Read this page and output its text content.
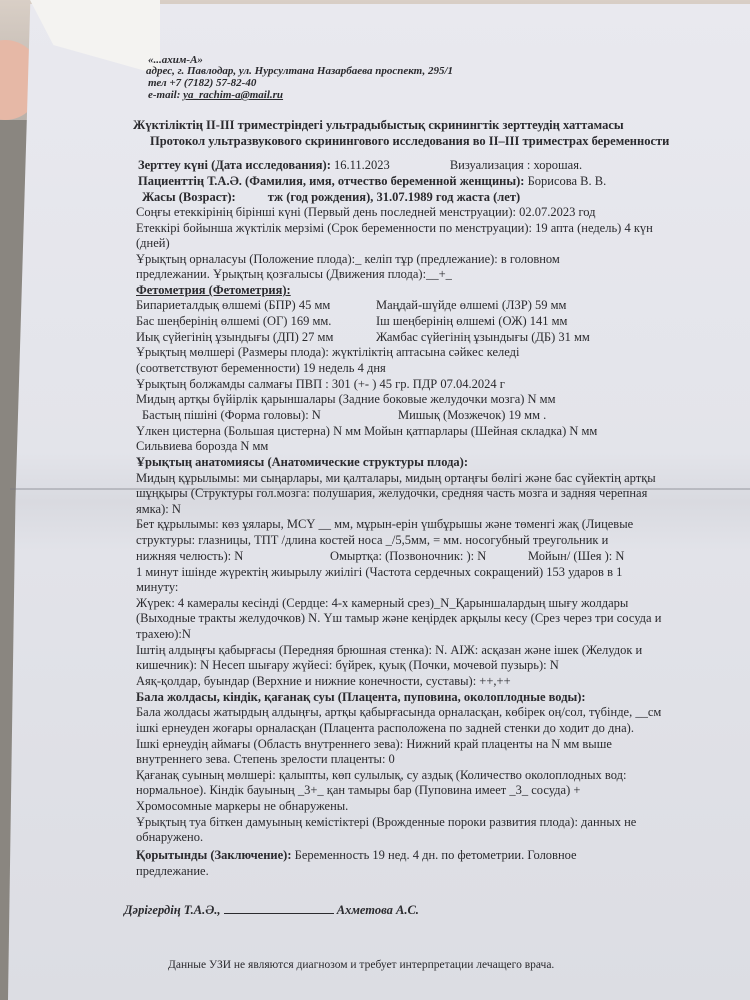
«...ахим-А»
адрес, г. Павлодар, ул. Нурсултана Назарбаева проспект, 295/1
тел +7 (7182) 57-82-40
e-mail: ya_rachim-a@mail.ru
Жүктіліктің ІІ-ІІІ триместріндегі ультрадыбыстық скринингтік зерттеудің хаттамасы
Протокол ультразвукового скринингового исследования во ІІ–ІІІ триместрах беременности
Зерттеу күні (Дата исследования): 16.11.2023	Визуализация : хорошая.
Пациенттің Т.А.Ә. (Фамилия, имя, отчество беременной женщины): Борисова В. В.
Жасы (Возраст):	тж (год рождения), 31.07.1989 год жаста (лет)
Соңғы етеккірінің бірінші күні (Первый день последней менструации): 02.07.2023 год
Етеккірі бойынша жүктілік мерзімі (Срок беременности по менструации): 19 апта (недель) 4 күн
(дней)
Ұрықтың орналасуы (Положение плода):_ келіп тұр (предлежание): в головном
предлежании. Ұрықтың қозғалысы (Движения плода):__+_
Фетометрия (Фетометрия):
Бипариеталдық өлшемі (БПР) 45 мм	Маңдай-шүйде өлшемі (ЛЗР) 59 мм
Бас шеңберінің өлшемі (ОГ) 169 мм.	Іш шеңберінің өлшемі (ОЖ) 141 мм
Иық сүйегінің ұзындығы (ДП) 27 мм	Жамбас сүйегінің ұзындығы (ДБ) 31 мм
Ұрықтың мөлшері (Размеры плода): жүктіліктің аптасына сәйкес келеді
(соответствуют беременности) 19 недель 4 дня
Ұрықтың болжамды салмағы ПВП : 301 (+- ) 45 гр. ПДР 07.04.2024 г
Мидың артқы бүйірлік қарыншалары (Задние боковые желудочки мозга) N мм
Бастың пішіні (Форма головы): N	Мишық (Мозжечок) 19 мм .
Үлкен цистерна (Большая цистерна) N мм Мойын қатпарлары (Шейная складка) N мм
Сильвиева борозда N мм
Ұрықтың анатомиясы (Анатомические структуры плода):
Мидың құрылымы: ми сыңарлары, ми қалталары, мидың ортаңғы бөлігі және бас сүйектің артқы
шұңқыры (Структуры гол.мозга: полушария, желудочки, средняя часть мозга и задняя черепная
ямка): N
Бет құрылымы: көз ұялары, МСҮ __ мм, мұрын-ерін үшбұрышы және төменгі жақ (Лицевые
структуры: глазницы, ТПТ /длина костей носа _/5,5мм, = мм. носогубный треугольник и
нижняя челюсть): N	Омыртқа: (Позвоночник: ): N	Мойын/ (Шея ): N
1 минут ішінде жүректің жиырылу жиілігі (Частота сердечных сокращений) 153 ударов в 1
минуту:
Жүрек: 4 камералы кесінді (Сердце: 4-х камерный срез)_N_Қарыншалардың шығу жолдары
(Выходные тракты желудочков) N. Үш тамыр және кеңірдек арқылы кесу (Срез через три сосуда и
трахею):N
Іштің алдыңғы қабырғасы (Передняя брюшная стенка): N. АІЖ: асқазан және ішек (Желудок и
кишечник): N Несеп шығару жүйесі: бүйрек, қуық (Почки, мочевой пузырь): N
Аяқ-қолдар, буындар (Верхние и нижние конечности, суставы): ++,++
Бала жолдасы, кіндік, қағанақ суы (Плацента, пуповина, околоплодные воды):
Бала жолдасы жатырдың алдыңғы, артқы қабырғасында орналасқан, көбірек оң/сол, түбінде, __см
ішкі ернеуден жоғары орналасқан (Плацента расположена по задней стенки до ходит до дна).
Ішкі ернеудің аймағы (Область внутреннего зева): Нижний край плаценты на N мм выше
внутреннего зева. Степень зрелости плаценты: 0
Қағанақ суының мөлшері: қалыпты, көп сулылық, су аздық (Количество околоплодных вод:
нормальное). Кіндік бауының _3+_ қан тамыры бар (Пуповина имеет _3_ сосуда) +
Хромосомные маркеры не обнаружены.
Ұрықтың туа біткен дамуының кемістіктері (Врожденные пороки развития плода): данных не
обнаружено.
Қорытынды (Заключение): Беременность 19 нед. 4 дн. по фетометрии. Головное
предлежание.
Дәрігердің Т.А.Ә.,	Ахметова А.С.
Данные УЗИ не являются диагнозом и требует интерпретации лечащего врача.
